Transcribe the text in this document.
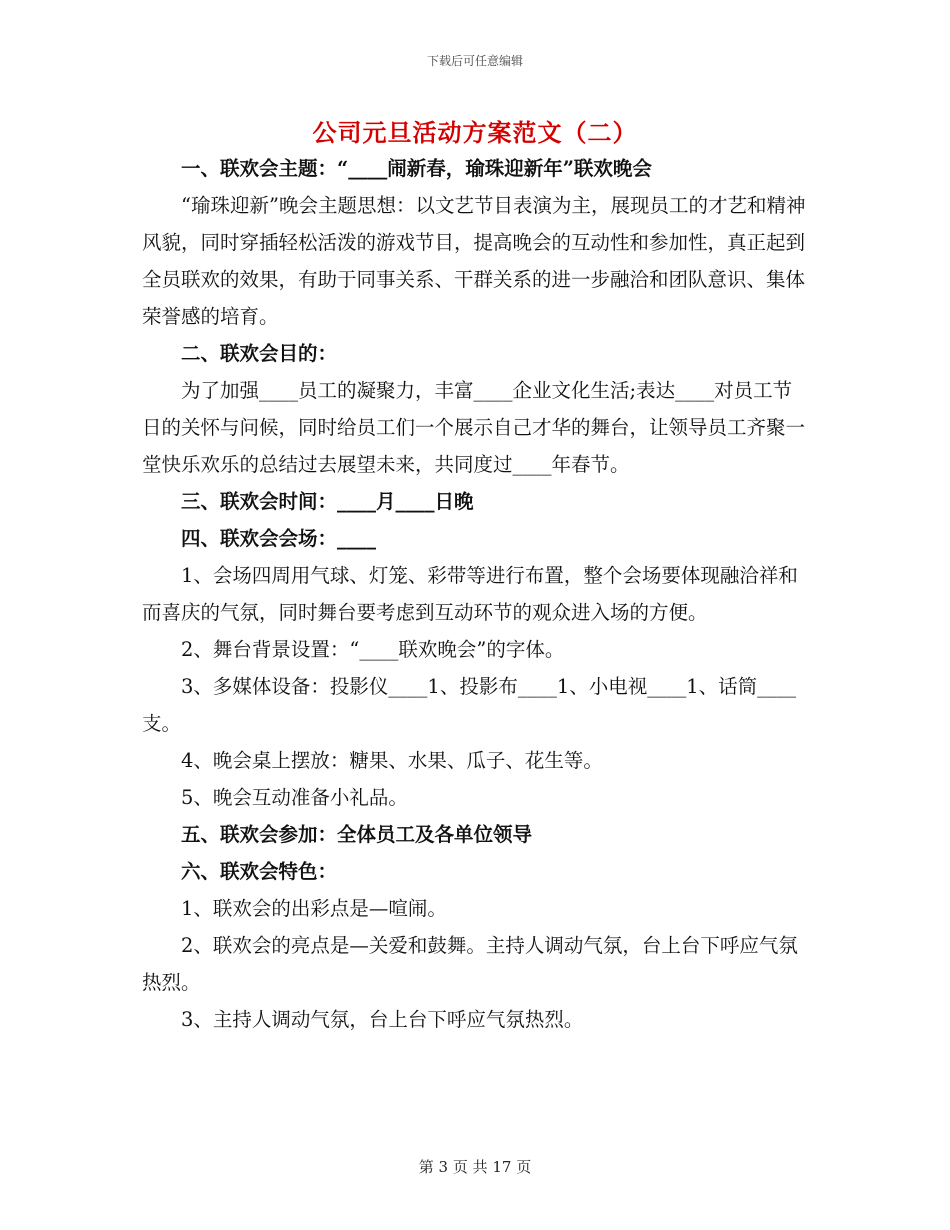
下载后可任意编辑
公司元旦活动方案范文（二）

一、联欢会主题：“____闹新春，瑜珠迎新年”联欢晚会

“瑜珠迎新”晚会主题思想：以文艺节目表演为主，展现员工的才艺和精神风貌，同时穿插轻松活泼的游戏节目，提高晚会的互动性和参加性，真正起到全员联欢的效果，有助于同事关系、干群关系的进一步融洽和团队意识、集体荣誉感的培育。

二、联欢会目的：

为了加强____员工的凝聚力，丰富____企业文化生活;表达____对员工节日的关怀与问候，同时给员工们一个展示自己才华的舞台，让领导员工齐聚一堂快乐欢乐的总结过去展望未来，共同度过____年春节。

三、联欢会时间：____月____日晚

四、联欢会会场：____

1、会场四周用气球、灯笼、彩带等进行布置，整个会场要体现融洽祥和而喜庆的气氛，同时舞台要考虑到互动环节的观众进入场的方便。

2、舞台背景设置：“____联欢晚会”的字体。

3、多媒体设备：投影仪____1、投影布____1、小电视____1、话筒____支。

4、晚会桌上摆放：糖果、水果、瓜子、花生等。

5、晚会互动准备小礼品。

五、联欢会参加：全体员工及各单位领导

六、联欢会特色：

1、联欢会的出彩点是—喧闹。

2、联欢会的亮点是—关爱和鼓舞。主持人调动气氛，台上台下呼应气氛热烈。

3、主持人调动气氛，台上台下呼应气氛热烈。

第 3 页 共 17 页
